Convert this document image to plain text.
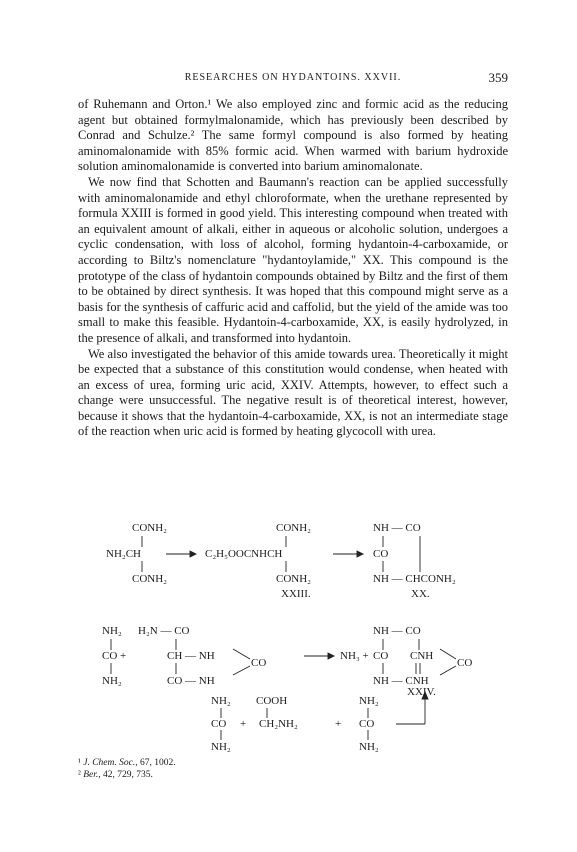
RESEARCHES ON HYDANTOINS. XXVII.	359

of Ruhemann and Orton.¹ We also employed zinc and formic acid as the reducing agent but obtained formylmalonamide, which has previously been described by Conrad and Schulze.² The same formyl compound is also formed by heating aminomalonamide with 85% formic acid. When warmed with barium hydroxide solution aminomalonamide is converted into barium aminomalonate.

We now find that Schotten and Baumann's reaction can be applied successfully with aminomalonamide and ethyl chloroformate, when the urethane represented by formula XXIII is formed in good yield. This interesting compound when treated with an equivalent amount of alkali, either in aqueous or alcoholic solution, undergoes a cyclic condensation, with loss of alcohol, forming hydantoin-4-carboxamide, or according to Biltz's nomenclature "hydantoylamide," XX. This compound is the prototype of the class of hydantoin compounds obtained by Biltz and the first of them to be obtained by direct synthesis. It was hoped that this compound might serve as a basis for the synthesis of caffuric acid and caffolid, but the yield of the amide was too small to make this feasible. Hydantoin-4-carboxamide, XX, is easily hydrolyzed, in the presence of alkali, and transformed into hydantoin.

We also investigated the behavior of this amide towards urea. Theoretically it might be expected that a substance of this constitution would condense, when heated with an excess of urea, forming uric acid, XXIV. Attempts, however, to effect such a change were unsuccessful. The negative result is of theoretical interest, however, because it shows that the hydantoin-4-carboxamide, XX, is not an intermediate stage of the reaction when uric acid is formed by heating glycocoll with urea.

CONH₂
NH₂CH
CONH₂
CONH₂
C₂H₅OOCNHCH
CONH₂
XXIII.
NH — CO
CO
NH — CHCONH₂
XX.
NH₂
CO +
NH₂
H₂N — CO
CH — NH
CO — NH
CO
NH₃ +
NH — CO
CO CNH
CO
NH — CNH
XXIV.
NH₂
CO
NH₂
COOH
+ CH₂NH₂	+
NH₂
CO
NH₂
¹ J. Chem. Soc., 67, 1002.
² Ber., 42, 729, 735.
